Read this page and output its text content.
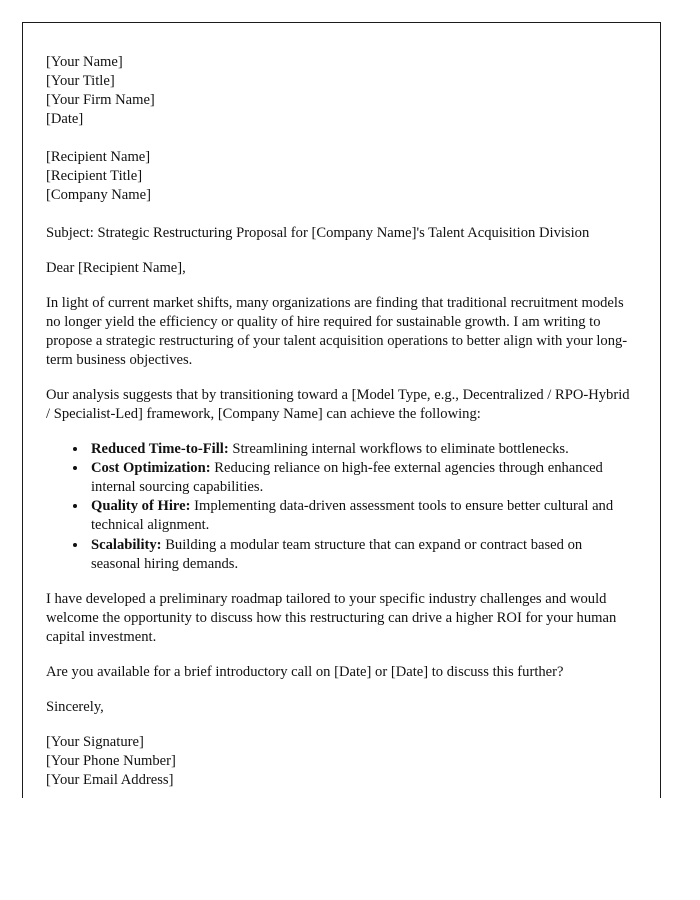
[Your Name]
[Your Title]
[Your Firm Name]
[Date]
[Recipient Name]
[Recipient Title]
[Company Name]

Subject: Strategic Restructuring Proposal for [Company Name]'s Talent Acquisition Division

Dear [Recipient Name],

In light of current market shifts, many organizations are finding that traditional recruitment models no longer yield the efficiency or quality of hire required for sustainable growth. I am writing to propose a strategic restructuring of your talent acquisition operations to better align with your long-term business objectives.

Our analysis suggests that by transitioning toward a [Model Type, e.g., Decentralized / RPO-Hybrid / Specialist-Led] framework, [Company Name] can achieve the following:

• Reduced Time-to-Fill: Streamlining internal workflows to eliminate bottlenecks.
• Cost Optimization: Reducing reliance on high-fee external agencies through enhanced internal sourcing capabilities.
• Quality of Hire: Implementing data-driven assessment tools to ensure better cultural and technical alignment.
• Scalability: Building a modular team structure that can expand or contract based on seasonal hiring demands.

I have developed a preliminary roadmap tailored to your specific industry challenges and would welcome the opportunity to discuss how this restructuring can drive a higher ROI for your human capital investment.

Are you available for a brief introductory call on [Date] or [Date] to discuss this further?

Sincerely,

[Your Signature]
[Your Phone Number]
[Your Email Address]
